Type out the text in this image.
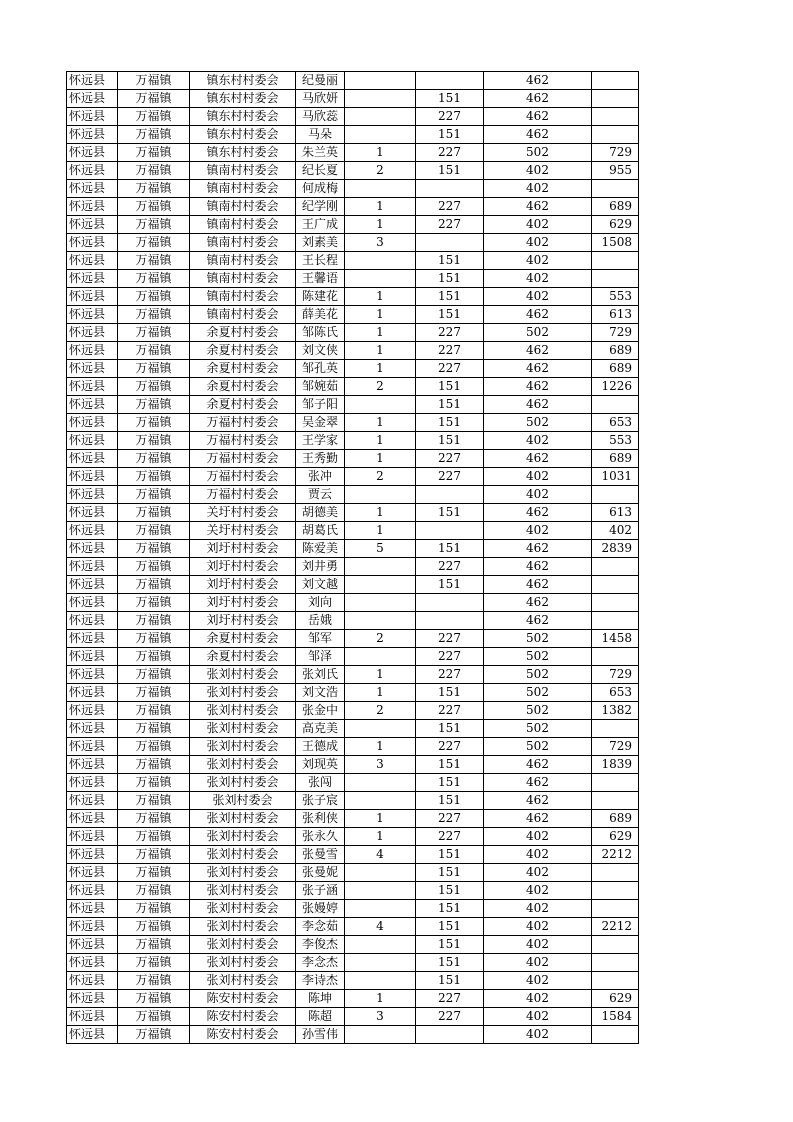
怀远县	万福镇	镇东村村委会	纪曼丽			462	
怀远县	万福镇	镇东村村委会	马欣妍		151	462	
怀远县	万福镇	镇东村村委会	马欣蕊		227	462	
怀远县	万福镇	镇东村村委会	马朵		151	462	
怀远县	万福镇	镇东村村委会	朱兰英	1	227	502	729
怀远县	万福镇	镇南村村委会	纪长夏	2	151	402	955
怀远县	万福镇	镇南村村委会	何成梅			402	
怀远县	万福镇	镇南村村委会	纪学刚	1	227	462	689
怀远县	万福镇	镇南村村委会	王广成	1	227	402	629
怀远县	万福镇	镇南村村委会	刘素美	3		402	1508
怀远县	万福镇	镇南村村委会	王长程		151	402	
怀远县	万福镇	镇南村村委会	王馨语		151	402	
怀远县	万福镇	镇南村村委会	陈建花	1	151	402	553
怀远县	万福镇	镇南村村委会	薛美花	1	151	462	613
怀远县	万福镇	余夏村村委会	邹陈氏	1	227	502	729
怀远县	万福镇	余夏村村委会	刘文侠	1	227	462	689
怀远县	万福镇	余夏村村委会	邹孔英	1	227	462	689
怀远县	万福镇	余夏村村委会	邹婉茹	2	151	462	1226
怀远县	万福镇	余夏村村委会	邹子阳		151	462	
怀远县	万福镇	万福村村委会	吴金翠	1	151	502	653
怀远县	万福镇	万福村村委会	王学家	1	151	402	553
怀远县	万福镇	万福村村委会	王秀勤	1	227	462	689
怀远县	万福镇	万福村村委会	张冲	2	227	402	1031
怀远县	万福镇	万福村村委会	贾云			402	
怀远县	万福镇	关圩村村委会	胡德美	1	151	462	613
怀远县	万福镇	关圩村村委会	胡葛氏	1		402	402
怀远县	万福镇	刘圩村村委会	陈爱美	5	151	462	2839
怀远县	万福镇	刘圩村村委会	刘井勇		227	462	
怀远县	万福镇	刘圩村村委会	刘文越		151	462	
怀远县	万福镇	刘圩村村委会	刘向			462	
怀远县	万福镇	刘圩村村委会	岳娥			462	
怀远县	万福镇	余夏村村委会	邹军	2	227	502	1458
怀远县	万福镇	余夏村村委会	邹泽		227	502	
怀远县	万福镇	张刘村村委会	张刘氏	1	227	502	729
怀远县	万福镇	张刘村村委会	刘文浩	1	151	502	653
怀远县	万福镇	张刘村村委会	张金中	2	227	502	1382
怀远县	万福镇	张刘村村委会	高克美		151	502	
怀远县	万福镇	张刘村村委会	王德成	1	227	502	729
怀远县	万福镇	张刘村村委会	刘现英	3	151	462	1839
怀远县	万福镇	张刘村村委会	张闯		151	462	
怀远县	万福镇	张刘村委会	张子宸		151	462	
怀远县	万福镇	张刘村村委会	张利侠	1	227	462	689
怀远县	万福镇	张刘村村委会	张永久	1	227	402	629
怀远县	万福镇	张刘村村委会	张曼雪	4	151	402	2212
怀远县	万福镇	张刘村村委会	张曼妮		151	402	
怀远县	万福镇	张刘村村委会	张子涵		151	402	
怀远县	万福镇	张刘村村委会	张嫚婷		151	402	
怀远县	万福镇	张刘村村委会	李念茹	4	151	402	2212
怀远县	万福镇	张刘村村委会	李俊杰		151	402	
怀远县	万福镇	张刘村村委会	李念杰		151	402	
怀远县	万福镇	张刘村村委会	李诗杰		151	402	
怀远县	万福镇	陈安村村委会	陈坤	1	227	402	629
怀远县	万福镇	陈安村村委会	陈超	3	227	402	1584
怀远县	万福镇	陈安村村委会	孙雪伟			402	
